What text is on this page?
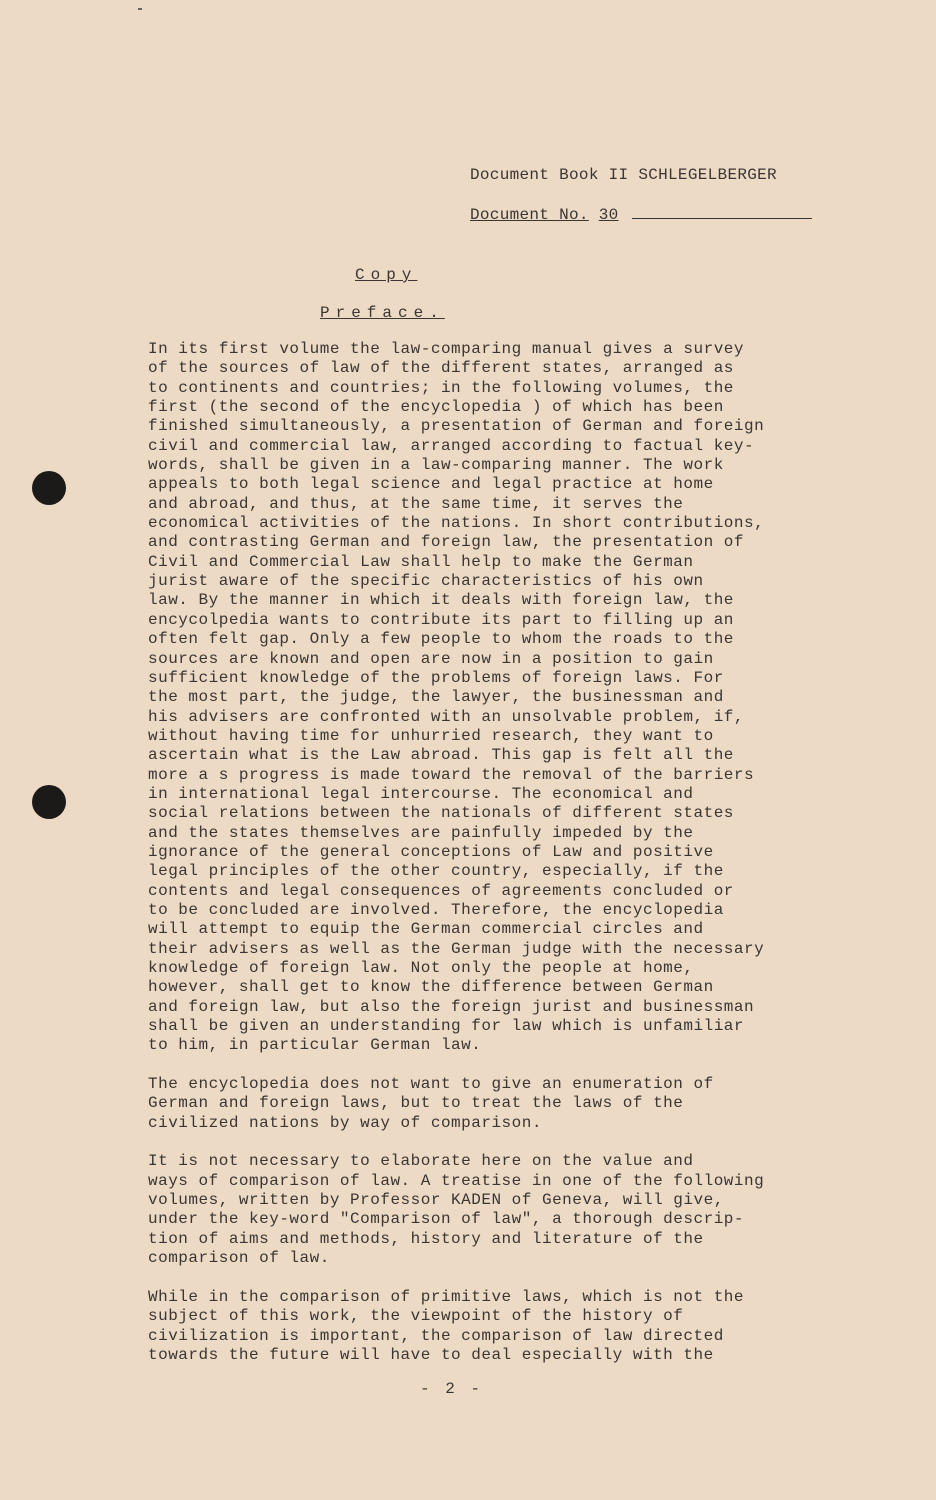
Document Book II SCHLEGELBERGER
Document No. 30
Copy
Preface.

In its first volume the law-comparing manual gives a survey
of the sources of law of the different states, arranged as
to continents and countries; in the following volumes, the
first (the second of the encyclopedia ) of which has been
finished simultaneously, a presentation of German and foreign
civil and commercial law, arranged according to factual key-
words, shall be given in a law-comparing manner. The work
appeals to both legal science and legal practice at home
and abroad, and thus, at the same time, it serves the
economical activities of the nations. In short contributions,
and contrasting German and foreign law, the presentation of
Civil and Commercial Law shall help to make the German
jurist aware of the specific characteristics of his own
law. By the manner in which it deals with foreign law, the
encycolpedia wants to contribute its part to filling up an
often felt gap. Only a few people to whom the roads to the
sources are known and open are now in a position to gain
sufficient knowledge of the problems of foreign laws. For
the most part, the judge, the lawyer, the businessman and
his advisers are confronted with an unsolvable problem, if,
without having time for unhurried research, they want to
ascertain what is the Law abroad. This gap is felt all the
more a s progress is made toward the removal of the barriers
in international legal intercourse. The economical and
social relations between the nationals of different states
and the states themselves are painfully impeded by the
ignorance of the general conceptions of Law and positive
legal principles of the other country, especially, if the
contents and legal consequences of agreements concluded or
to be concluded are involved. Therefore, the encyclopedia
will attempt to equip the German commercial circles and
their advisers as well as the German judge with the necessary
knowledge of foreign law. Not only the people at home,
however, shall get to know the difference between German
and foreign law, but also the foreign jurist and businessman
shall be given an understanding for law which is unfamiliar
to him, in particular German law.

The encyclopedia does not want to give an enumeration of
German and foreign laws, but to treat the laws of the
civilized nations by way of comparison.

It is not necessary to elaborate here on the value and
ways of comparison of law. A treatise in one of the following
volumes, written by Professor KADEN of Geneva, will give,
under the key-word "Comparison of law", a thorough descrip-
tion of aims and methods, history and literature of the
comparison of law.

While in the comparison of primitive laws, which is not the
subject of this work, the viewpoint of the history of
civilization is important, the comparison of law directed
towards the future will have to deal especially with the

- 2 -
